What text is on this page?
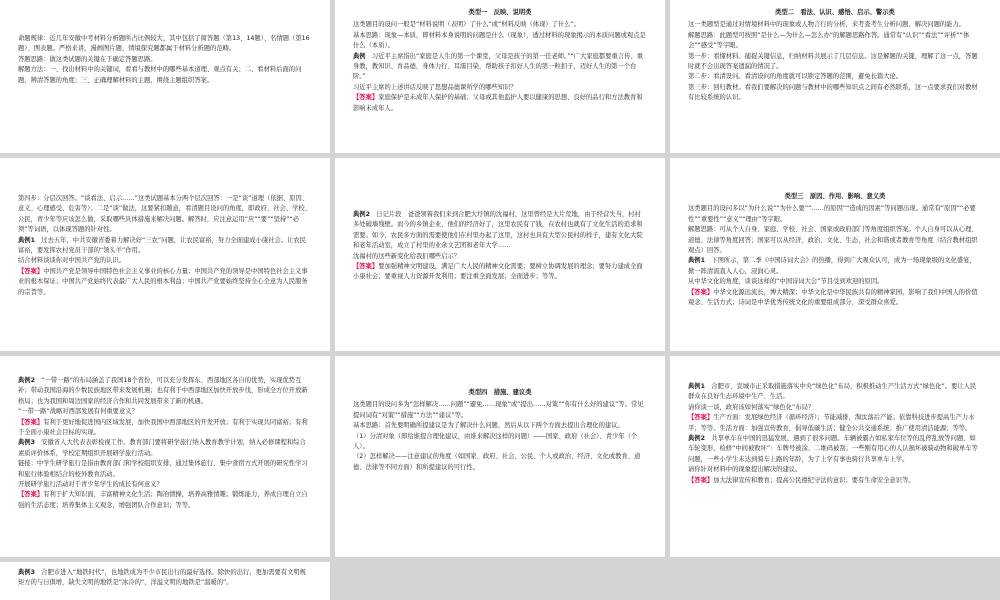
命题规律：近几年安徽中考材料分析题所占比例较大，其中包括了简答题（第13、14题）、名情题（第16题）、图表题。严格来讲，漫画图片题、情境探究题都属于材料分析题的范畴。

答题思路：做这类试题的关键在于确定答题思路。

解题方法：一、找出材料中的关键词，看看与教材中的哪些基本道理、观点有关；二、看材料后面的问题，辨清答题的角度；三、正确理解材料的主题，围绕主题组织答案。

类型一　反映、说明类

这类题目的设问一般是“材料说明（表明）了什么”或“材料反映（体现）了什么”。

基本思路：现象—本质，即材料本身说明的问题是什么（现象），透过材料的现象揭示的本质问题或观点是什么（本质）。

典例　 习近平主席指出“家庭是人生的第一个课堂，父母是孩子的第一任老师。”“广大家庭都要重言传、重身教，教知识、育品德，身体力行、耳濡目染，帮助孩子扣好人生的第一粒扣子，迈好人生的第一个台阶。”

习近平主席的上述讲话反映了思想品德课所学的哪些知识？

【答案】家庭保护是未成年人保护的基础；父母或其他监护人要以健康的思想、良好的品行和方法教育和影响未成年人。

类型二　看法、认识、感悟、启示、警示类

这一类题型是通过对情境材料中的现象或人物言行的分析，来考查考生分析问题、解决问题的能力。

解题思路：此题型可按照“是什么—为什么—怎么办”的解题思路作答。通常有“认识”“看法”“评析”“体会”“感受”等字眼。

第一步：看懂材料。捕捉关键信息，归纳材料共展示了几层信息。这是解题的关键，理解了这一点，答题时就不会出现答案遗漏的情况了。

第二步：看清设问。看清设问的角度就可以锁定答题的范围，避免长篇大论。

第三步：回归教材。看我们要解决的问题与教材中的哪些知识点之间有必然联系，这一点要求我们对教材有比较系统的认识。

第四步：分层次回答。“谈看法、启示……”这类试题基本分两个层次回答：一是“谈”道理（依据、原因、意义、心理感受、危害等）；二是“谈”做法，这要紧扣题意，看清题目设问的角度，即政府、社会、学校、公民，青少年等应该怎么做，采取哪些具体措施来解决问题。解答时，应注意运用“应”“要”“坚持”“必须”等词语，以体现答题的针对性。

典例1　 过去五年，中共安徽省委着力解决好“三农”问题，让农民富裕，努力全面建成小康社会。让农民富裕，要发挥农村党员干部的“领头羊”作用。

结合材料谈谈你对中国共产党的认识。

【答案】中国共产党是领导中国特色社会主义事业的核心力量；中国共产党的领导是中国特色社会主义事业的根本保证；中国共产党始终代表最广大人民的根本利益；中国共产党要始终坚持全心全意为人民服务的宗旨等。

典例2　 日记片段　爸爸领着我们来到合肥大圩镇的沈福村，这里曾经是大片荒地，由于经营失当，村村多处破墙残壁。而今的乡镇企业，他们的经济好了，这里农民有了钱，在农村也就有了文化生活的追求和需要。如今，农民多方面的需要使他们在村里办起了这里，这村也具有大型公民村的样子，建有文化大院和老年活动室，成立了村里的业余文艺团和老年大学……

沈福村的这些新变化给我们哪些启示？

【答案】要加强精神文明建设，满足广大人民的精神文化需要；要树立协调发展的理念；要努力建成全面小康社会；要重视人力资源开发利用；要注重全面发展；全面进步；等等。

类型三　原因、作用、影响、意义类

这类题目的设问多以“为什么说”“为什么要”“……的原因”“造成的因素”等问题出现。通常有“原因”“必要性”“重要性”“意义”“理由”等字眼。

解题思路：可从个人自身、家庭、学校、社会、国家或政府部门等角度组织答案。个人自身可以从心理、道德、法律等角度回答；国家可以从经济、政治、文化、生态、社会和谐或者教育等角度（结合教材组织观点）回答。

典例1　 下图所示，第二季《中国诗词大会》的热播，得到广大观众认可，成为一场现象级的文化盛宴，掀一阵清流直入人心，浸润心灵。

从中华文化的角度，谈谈这样的“中国诗词大会”节目受到欢迎的原因。

【答案】中华文化源远流长，博大精深；中华文化是中华民族共有的精神家园，影响了我们中国人的价值观念、生活方式；诗词是中华优秀传统文化的重要组成部分，深受群众喜爱。

典例2　 “一带一路”的布局涵盖了我国18个省份，可以充分发挥东、西部地区各自的优势，实现优势互补；带动我国沿海的少数民族地区带来发展机遇；也有利于中西部地区加快开放步伐，形成全方位开放新格局；也为我国和周边国家的经济合作和共同发展带来了新的机遇。

“一带一路”战略对西部发展有何重要意义？

【答案】有利于更好地促进国内区域发展，加快我国中西部地区的开发开放；有利于实现共同富裕；有利于全面小康社会目标的实现。

典例3　 安徽省人大代表表彰检视工作，教育部门要将研学旅行纳入教育教学计划，纳入必修课程和综合素质评价体系，学校定期组织开展研学旅行活动。

链接：中学生研学旅行是指由教育部门和学校组织安排，通过集体旅行、集中食宿方式开展的研究性学习和旅行体验相结合的校外教育活动。

开展研学旅行活动对于青少年学生的成长有何意义？

【答案】有利于扩大知识面，丰富精神文化生活；陶冶情操，培养高雅情趣；锻炼能力，养成自理自立自强的生活态度；培养集体主义观念，增强团队合作意识；等等。

类型四　措施、建议类

这类题目的设问多为“怎样解决……问题”“避免……现象”或“提出……对策”“你有什么好的建议”等。常见提问词有“对策”“措施”“方法”“建议”等。

基本思路：首先要明确所提建议是为了解决什么问题，然后从以下两个方面去提出合理化的建议。

（1）分清对象（即给谁提合理化建议，由谁来解决这样的问题）——国家、政府（社会）、青少年（个人）。

（2）怎样解决——注意建议的角度（如国家、政府、社会、公民、个人或政治、经济、文化或教育、道德、法律等不同方面）和所提建议的可行性。

典例1　 合肥市、宣城市正采取措施落实中央“绿色化”布局，积极推动生产生活方式“绿色化”。要让人民群众在良好生态环境中生产、生活。

请你谈一谈，政府该如何落实“绿色化”布局？

【答案】生产方面：发展绿色经济（循环经济）；节能减排，淘汰落后产能；依靠科技进步提高生产力水平；等等。生活方面：加强宣传教育，倡导低碳生活；健全公共交通系统；推广使用清洁能源；等等。

典例2　 共享单车在中国的迅猛发展，遇到了很多问题。车辆被霸占如私家车位等的乱停乱放等问题，如车轮变形，检修“中间被败坏”：车牌号被涂、二维码被刮；一些刚有用心的人认损坏被骑动物和破单车等问题，一些小学生未达到骑车上路的年龄，为了上学有事也骑行共享单车上学。

请你针对材料中的现象提出解决的建议。

【答案】加大法律宣传和教育；提高公民遵纪守法的意识；要有生命安全意识等。

典例3　 合肥市进入“地铁时代”，也地铁成为不少市民出行的最好选择。除快的出行，更加需要有文明规矩方的与日俱增，缺失文明的地铁是“冰冷的”，洋溢文明的地铁是“温暖的”。
